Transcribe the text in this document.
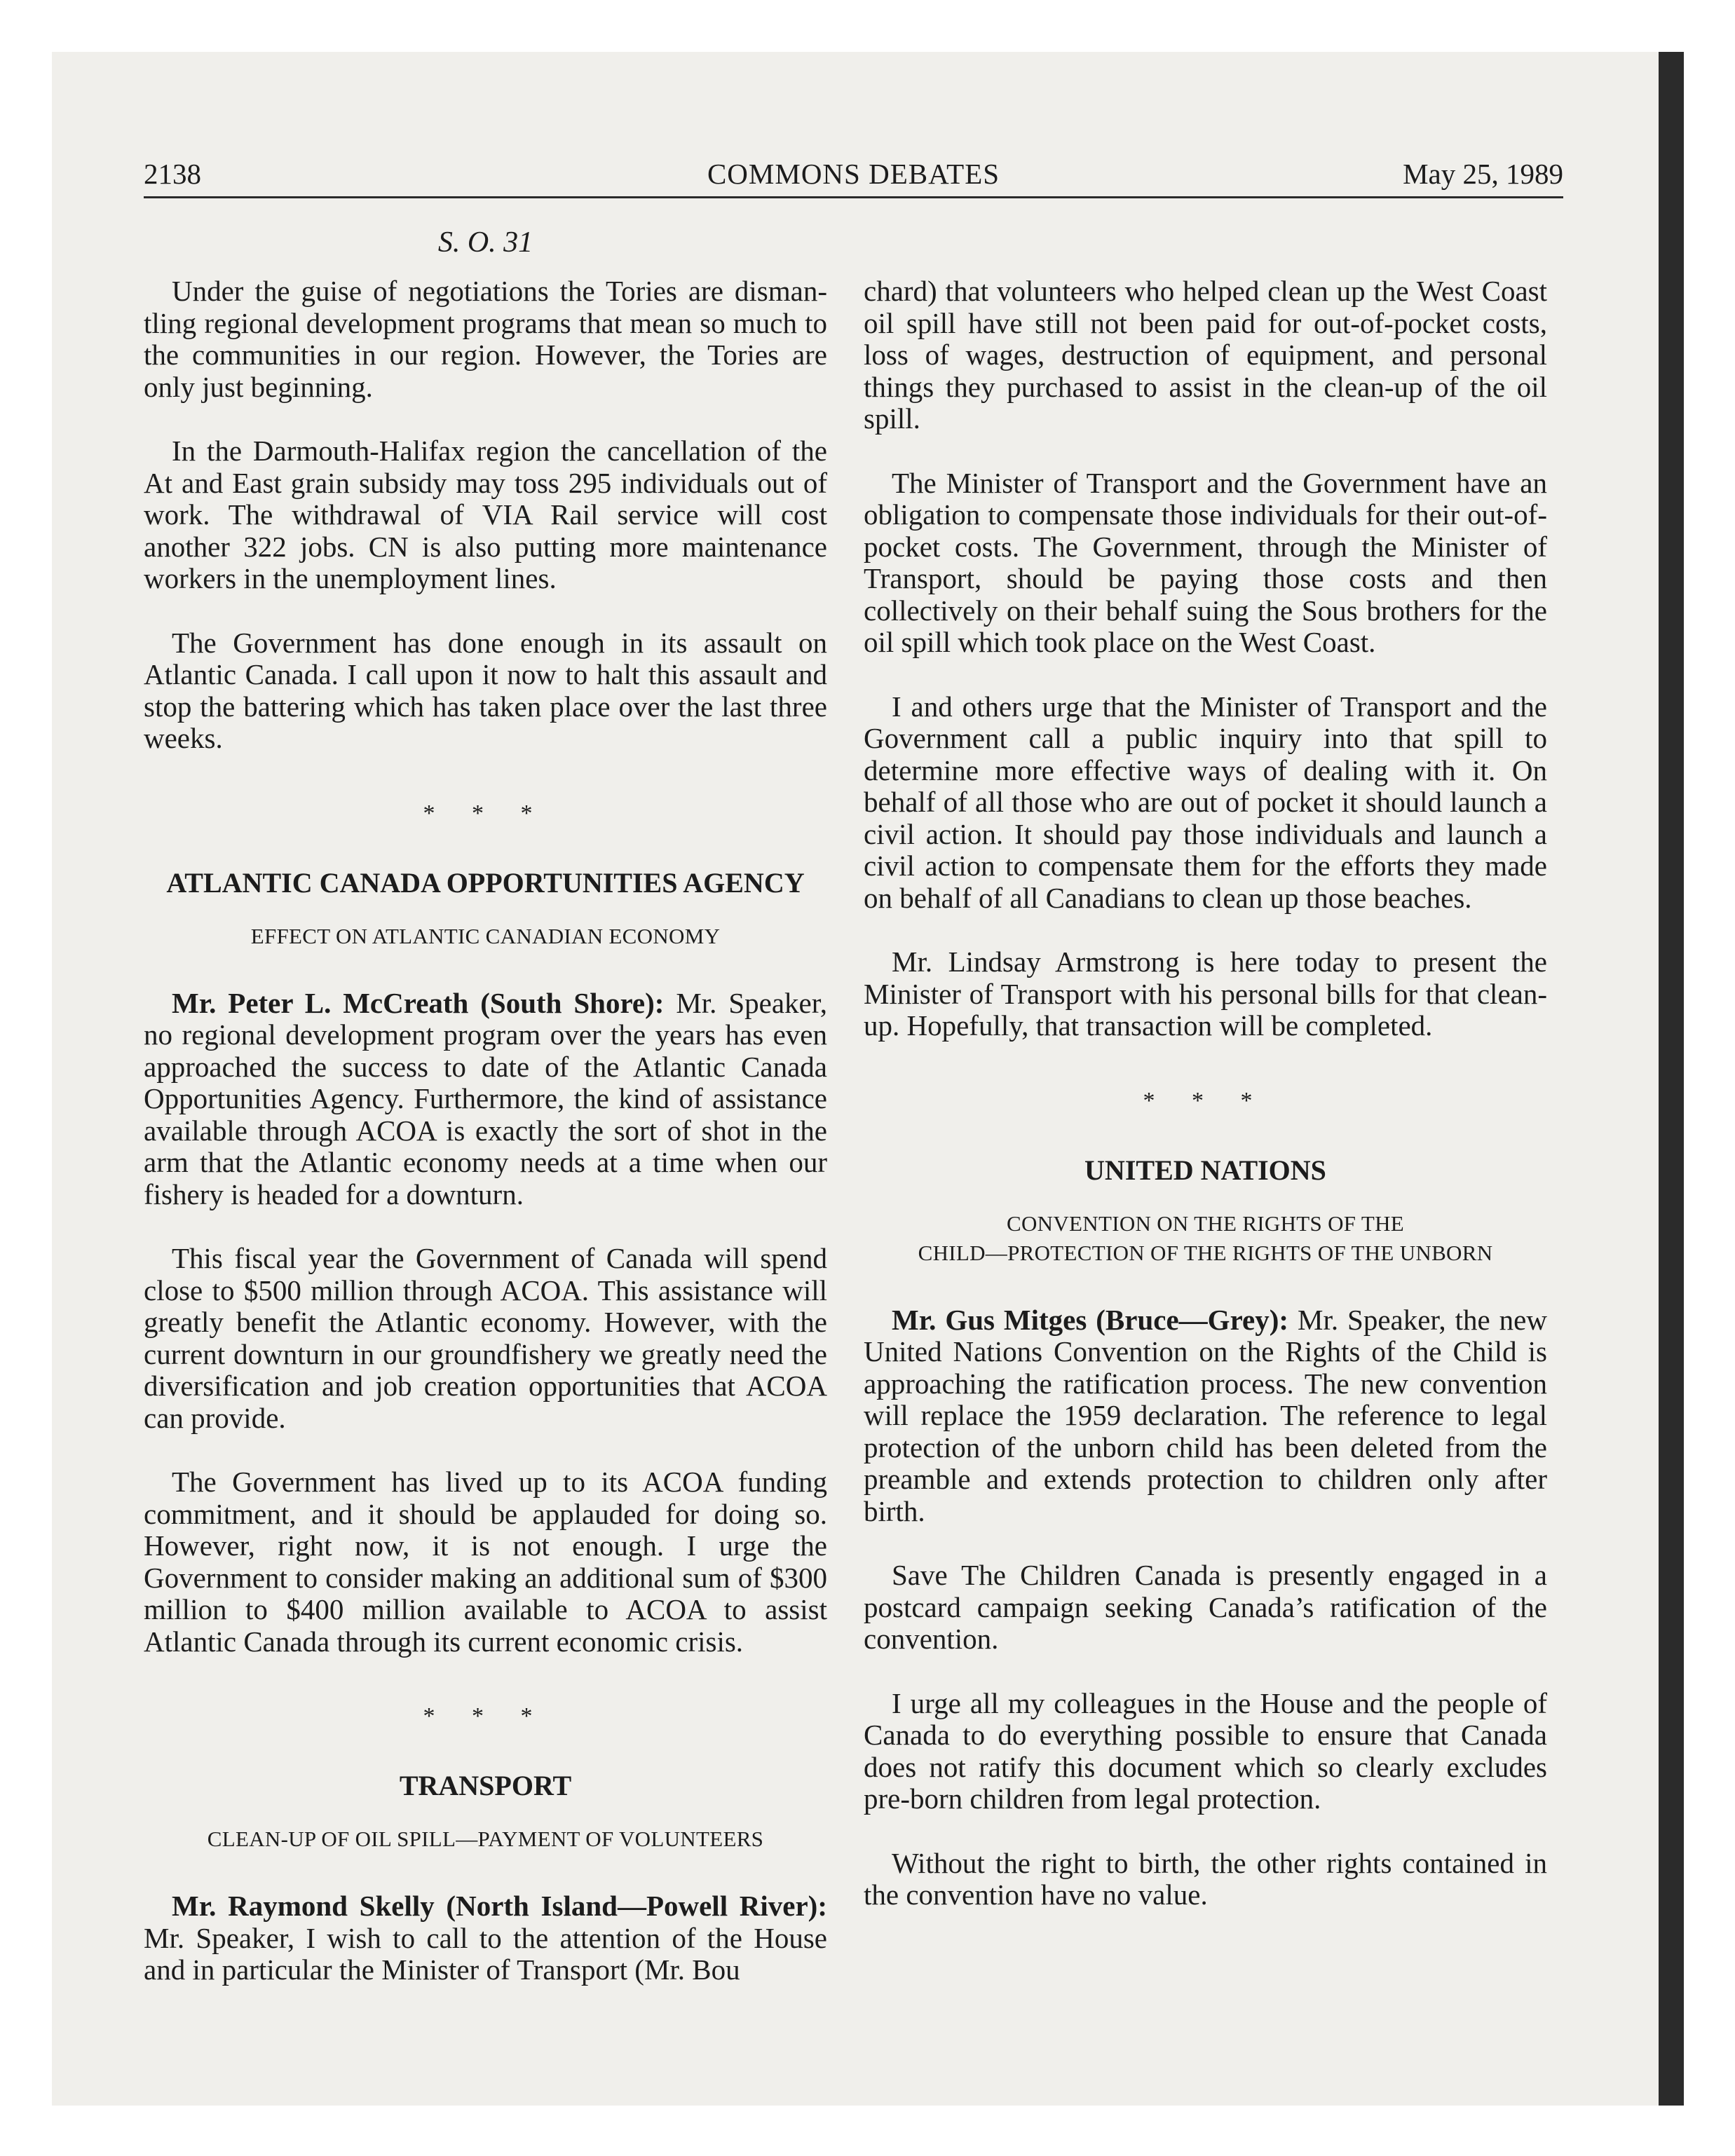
2138	COMMONS DEBATES	May 25, 1989
S. O. 31

Under the guise of negotiations the Tories are dismantling regional development programs that mean so much to the communities in our region. However, the Tories are only just beginning.

In the Darmouth-Halifax region the cancellation of the At and East grain subsidy may toss 295 individuals out of work. The withdrawal of VIA Rail service will cost another 322 jobs. CN is also putting more maintenance workers in the unemployment lines.

The Government has done enough in its assault on Atlantic Canada. I call upon it now to halt this assault and stop the battering which has taken place over the last three weeks.

* * *
ATLANTIC CANADA OPPORTUNITIES AGENCY
EFFECT ON ATLANTIC CANADIAN ECONOMY

Mr. Peter L. McCreath (South Shore): Mr. Speaker, no regional development program over the years has even approached the success to date of the Atlantic Canada Opportunities Agency. Furthermore, the kind of assistance available through ACOA is exactly the sort of shot in the arm that the Atlantic economy needs at a time when our fishery is headed for a downturn.

This fiscal year the Government of Canada will spend close to $500 million through ACOA. This assistance will greatly benefit the Atlantic economy. However, with the current downturn in our groundfishery we greatly need the diversification and job creation opportunities that ACOA can provide.

The Government has lived up to its ACOA funding commitment, and it should be applauded for doing so. However, right now, it is not enough. I urge the Government to consider making an additional sum of $300 million to $400 million available to ACOA to assist Atlantic Canada through its current economic crisis.

* * *
TRANSPORT
CLEAN-UP OF OIL SPILL—PAYMENT OF VOLUNTEERS

Mr. Raymond Skelly (North Island—Powell River): Mr. Speaker, I wish to call to the attention of the House and in particular the Minister of Transport (Mr. Bou

chard) that volunteers who helped clean up the West Coast oil spill have still not been paid for out-of-pocket costs, loss of wages, destruction of equipment, and personal things they purchased to assist in the clean-up of the oil spill.

The Minister of Transport and the Government have an obligation to compensate those individuals for their out-of-pocket costs. The Government, through the Minister of Transport, should be paying those costs and then collectively on their behalf suing the Sous brothers for the oil spill which took place on the West Coast.

I and others urge that the Minister of Transport and the Government call a public inquiry into that spill to determine more effective ways of dealing with it. On behalf of all those who are out of pocket it should launch a civil action. It should pay those individuals and launch a civil action to compensate them for the efforts they made on behalf of all Canadians to clean up those beaches.

Mr. Lindsay Armstrong is here today to present the Minister of Transport with his personal bills for that clean-up. Hopefully, that transaction will be completed.

* * *
UNITED NATIONS
CONVENTION ON THE RIGHTS OF THE
CHILD—PROTECTION OF THE RIGHTS OF THE UNBORN

Mr. Gus Mitges (Bruce—Grey): Mr. Speaker, the new United Nations Convention on the Rights of the Child is approaching the ratification process. The new convention will replace the 1959 declaration. The reference to legal protection of the unborn child has been deleted from the preamble and extends protection to children only after birth.

Save The Children Canada is presently engaged in a postcard campaign seeking Canada’s ratification of the convention.

I urge all my colleagues in the House and the people of Canada to do everything possible to ensure that Canada does not ratify this document which so clearly excludes pre-born children from legal protection.

Without the right to birth, the other rights contained in the convention have no value.
